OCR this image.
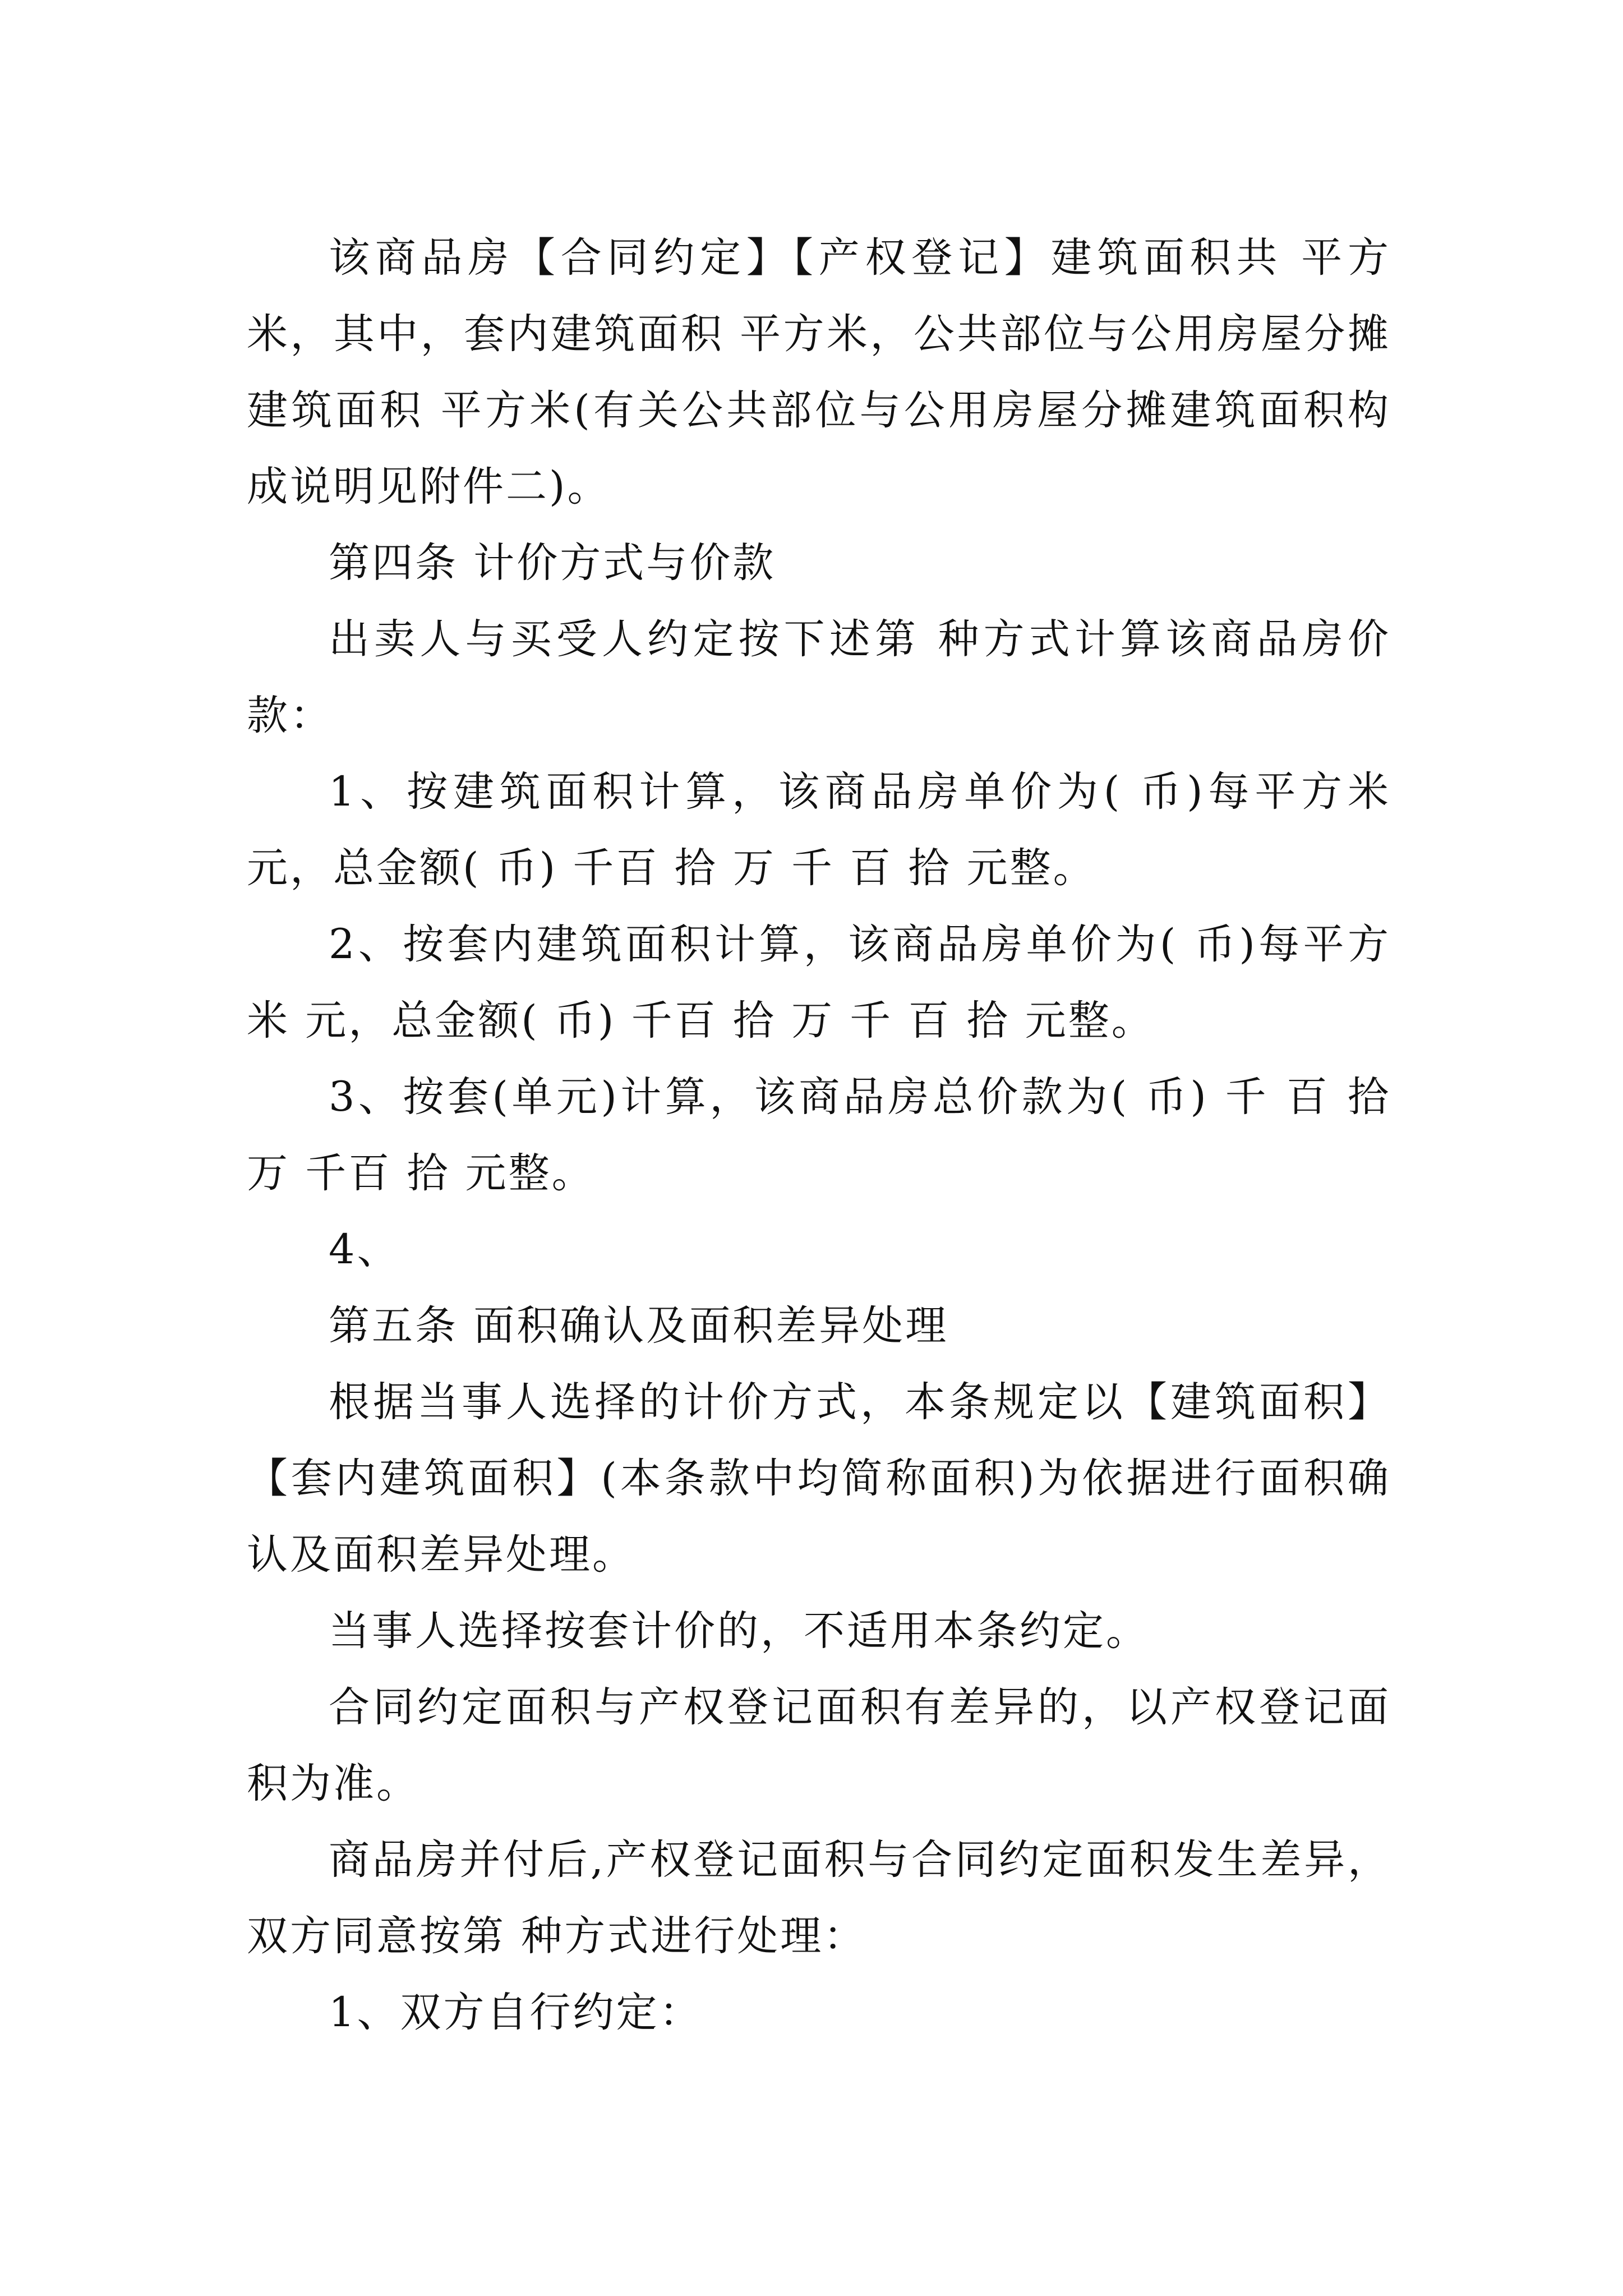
该商品房【合同约定】【产权登记】建筑面积共 平方米，其中，套内建筑面积 平方米，公共部位与公用房屋分摊建筑面积 平方米(有关公共部位与公用房屋分摊建筑面积构成说明见附件二)。

第四条 计价方式与价款

出卖人与买受人约定按下述第 种方式计算该商品房价款：

1、按建筑面积计算，该商品房单价为( 币)每平方米 元，总金额( 币) 千百 拾 万 千 百 拾 元整。

2、按套内建筑面积计算，该商品房单价为( 币)每平方米 元，总金额( 币) 千百 拾 万 千 百 拾 元整。

3、按套(单元)计算，该商品房总价款为( 币) 千 百 拾 万 千百 拾 元整。

4、

第五条 面积确认及面积差异处理

根据当事人选择的计价方式，本条规定以【建筑面积】【套内建筑面积】(本条款中均简称面积)为依据进行面积确认及面积差异处理。

当事人选择按套计价的，不适用本条约定。

合同约定面积与产权登记面积有差异的，以产权登记面积为准。

商品房并付后,产权登记面积与合同约定面积发生差异，双方同意按第 种方式进行处理：

1、双方自行约定：
